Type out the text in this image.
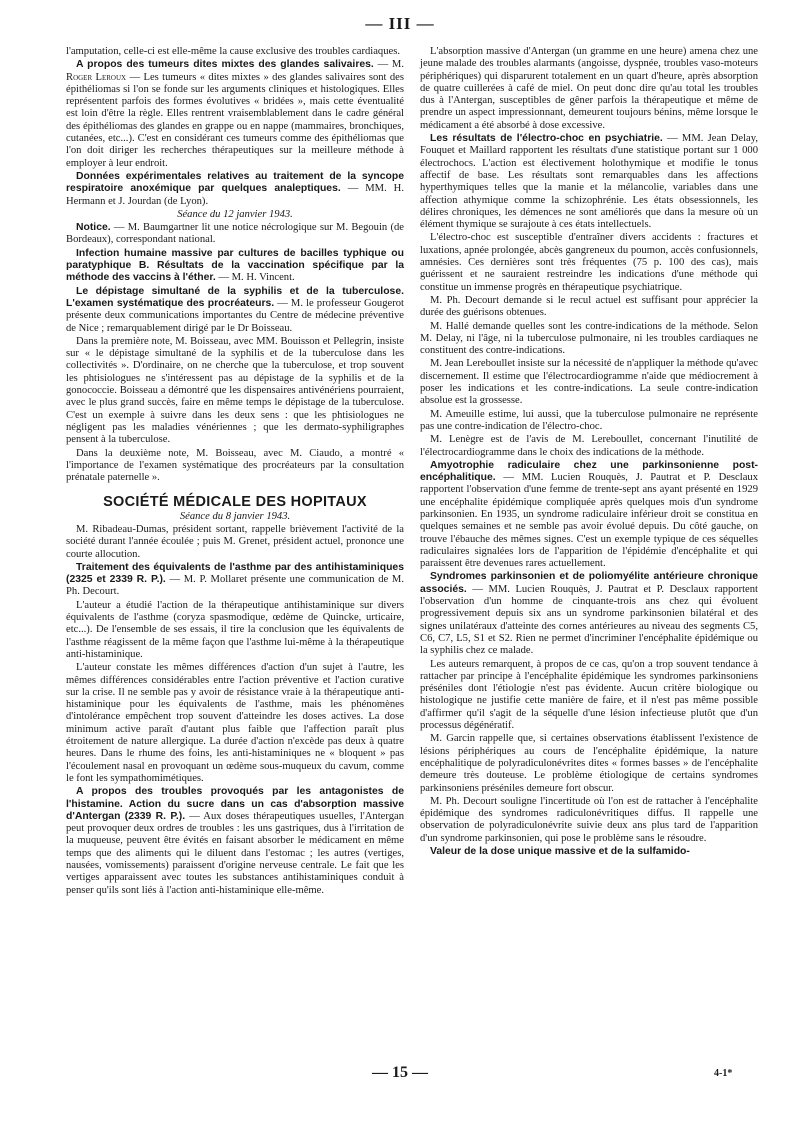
— III —

l'amputation, celle-ci est elle-même la cause exclusive des troubles cardiaques.

A propos des tumeurs dites mixtes des glandes salivaires. — M. Roger Leroux — Les tumeurs « dites mixtes » des glandes salivaires sont des épithéliomas si l'on se fonde sur les arguments cliniques et histologiques. Elles représentent parfois des formes évolutives « bridées », mais cette éventualité est loin d'être la règle. Elles rentrent vraisemblablement dans le cadre général des épithéliomas des glandes en grappe ou en nappe (mammaires, bronchiques, cutanées, etc...). C'est en considérant ces tumeurs comme des épithéliomas que l'on doit diriger les recherches thérapeutiques sur la meilleure méthode à employer à leur endroit.

Données expérimentales relatives au traitement de la syncope respiratoire anoxémique par quelques analeptiques. — MM. H. Hermann et J. Jourdan (de Lyon).

Séance du 12 janvier 1943.

Notice. — M. Baumgartner lit une notice nécrologique sur M. Begouin (de Bordeaux), correspondant national.

Infection humaine massive par cultures de bacilles typhique ou paratyphique B. Résultats de la vaccination spécifique par la méthode des vaccins à l'éther. — M. H. Vincent.

Le dépistage simultané de la syphilis et de la tuberculose. L'examen systématique des procréateurs. — M. le professeur Gougerot présente deux communications importantes du Centre de médecine préventive de Nice ; remarquablement dirigé par le Dr Boisseau.

Dans la première note, M. Boisseau, avec MM. Bouisson et Pellegrin, insiste sur « le dépistage simultané de la syphilis et de la tuberculose dans les collectivités ». D'ordinaire, on ne cherche que la tuberculose, et trop souvent les phtisiologues ne s'intéressent pas au dépistage de la syphilis et de la gonococcie. Boisseau a démontré que les dispensaires antivénériens pourraient, avec le plus grand succès, faire en même temps le dépistage de la tuberculose. C'est un exemple à suivre dans les deux sens : que les phtisiologues ne négligent pas les maladies vénériennes ; que les dermato-syphiligraphes pensent à la tuberculose.

Dans la deuxième note, M. Boisseau, avec M. Ciaudo, a montré « l'importance de l'examen systématique des procréateurs par la consultation prénatale paternelle ».

SOCIÉTÉ MÉDICALE DES HOPITAUX

Séance du 8 janvier 1943.

M. Ribadeau-Dumas, président sortant, rappelle brièvement l'activité de la société durant l'année écoulée ; puis M. Grenet, président actuel, prononce une courte allocution.

Traitement des équivalents de l'asthme par des antihistaminiques (2325 et 2339 R. P.). — M. P. Mollaret présente une communication de M. Ph. Decourt.

L'auteur a étudié l'action de la thérapeutique antihistaminique sur divers équivalents de l'asthme (coryza spasmodique, œdème de Quincke, urticaire, etc...). De l'ensemble de ses essais, il tire la conclusion que les équivalents de l'asthme réagissent de la même façon que l'asthme lui-même à la thérapeutique anti-histaminique.

L'auteur constate les mêmes différences d'action d'un sujet à l'autre, les mêmes différences considérables entre l'action préventive et l'action curative sur la crise. Il ne semble pas y avoir de résistance vraie à la thérapeutique anti-histaminique pour les équivalents de l'asthme, mais les phénomènes d'intolérance empêchent trop souvent d'atteindre les doses actives. La dose minimum active paraît d'autant plus faible que l'affection paraît plus étroitement de nature allergique. La durée d'action n'excède pas deux à quatre heures. Dans le rhume des foins, les anti-histaminiques ne « bloquent » pas l'écoulement nasal en provoquant un œdème sous-muqueux du cavum, comme le font les sympathomimétiques.

A propos des troubles provoqués par les antagonistes de l'histamine. Action du sucre dans un cas d'absorption massive d'Antergan (2339 R. P.). — Aux doses thérapeutiques usuelles, l'Antergan peut provoquer deux ordres de troubles : les uns gastriques, dus à l'irritation de la muqueuse, peuvent être évités en faisant absorber le médicament en même temps que des aliments qui le diluent dans l'estomac ; les autres (vertiges, nausées, vomissements) paraissent d'origine nerveuse centrale. Le fait que les vertiges apparaissent avec toutes les substances antihistaminiques conduit à penser qu'ils sont liés à l'action anti-histaminique elle-même.

L'absorption massive d'Antergan (un gramme en une heure) amena chez une jeune malade des troubles alarmants (angoisse, dyspnée, troubles vaso-moteurs périphériques) qui disparurent totalement en un quart d'heure, après absorption de quatre cuillerées à café de miel. On peut donc dire qu'au total les troubles dus à l'Antergan, susceptibles de gêner parfois la thérapeutique et même de prendre un aspect impressionnant, demeurent toujours bénins, même lorsque le médicament a été absorbé à dose excessive.

Les résultats de l'électro-choc en psychiatrie. — MM. Jean Delay, Fouquet et Maillard rapportent les résultats d'une statistique portant sur 1 000 électrochocs. L'action est électivement holothymique et modifie le tonus affectif de base. Les résultats sont remarquables dans les affections hyperthymiques telles que la manie et la mélancolie, variables dans une affection athymique comme la schizophrénie. Les états obsessionnels, les délires chroniques, les démences ne sont améliorés que dans la mesure où un élément thymique se surajoute à ces états intellectuels.

L'électro-choc est susceptible d'entraîner divers accidents : fractures et luxations, apnée prolongée, abcès gangreneux du poumon, accès confusionnels, amnésies. Ces dernières sont très fréquentes (75 p. 100 des cas), mais guérissent et ne sauraient restreindre les indications d'une méthode qui constitue un immense progrès en thérapeutique psychiatrique.

M. Ph. Decourt demande si le recul actuel est suffisant pour apprécier la durée des guérisons obtenues.

M. Hallé demande quelles sont les contre-indications de la méthode. Selon M. Delay, ni l'âge, ni la tuberculose pulmonaire, ni les troubles cardiaques ne constituent des contre-indications.

M. Jean Lereboullet insiste sur la nécessité de n'appliquer la méthode qu'avec discernement. Il estime que l'électrocardiogramme n'aide que médiocrement à poser les indications et les contre-indications. La seule contre-indication absolue est la grossesse.

M. Ameuille estime, lui aussi, que la tuberculose pulmonaire ne représente pas une contre-indication de l'électro-choc.

M. Lenègre est de l'avis de M. Lereboullet, concernant l'inutilité de l'électrocardiogramme dans le choix des indications de la méthode.

Amyotrophie radiculaire chez une parkinsonienne post-encéphalitique. — MM. Lucien Rouquès, J. Pautrat et P. Desclaux rapportent l'observation d'une femme de trente-sept ans ayant présenté en 1929 une encéphalite épidémique compliquée après quelques mois d'un syndrome parkinsonien. En 1935, un syndrome radiculaire inférieur droit se constitua en quelques semaines et ne semble pas avoir évolué depuis. Du côté gauche, on trouve l'ébauche des mêmes signes. C'est un exemple typique de ces séquelles radiculaires signalées lors de l'apparition de l'épidémie d'encéphalite et qui paraissent être devenues rares actuellement.

Syndromes parkinsonien et de poliomyélite antérieure chronique associés. — MM. Lucien Rouquès, J. Pautrat et P. Desclaux rapportent l'observation d'un homme de cinquante-trois ans chez qui évoluent progressivement depuis six ans un syndrome parkinsonien bilatéral et des signes unilatéraux d'atteinte des cornes antérieures au niveau des segments C5, C6, C7, L5, S1 et S2. Rien ne permet d'incriminer l'encéphalite épidémique ou la syphilis chez ce malade.

Les auteurs remarquent, à propos de ce cas, qu'on a trop souvent tendance à rattacher par principe à l'encéphalite épidémique les syndromes parkinsoniens préséniles dont l'étiologie n'est pas évidente. Aucun critère biologique ou histologique ne justifie cette manière de faire, et il n'est pas même possible d'affirmer qu'il s'agit de la séquelle d'une lésion infectieuse plutôt que d'un processus dégénératif.

M. Garcin rappelle que, si certaines observations établissent l'existence de lésions périphériques au cours de l'encéphalite épidémique, la nature encéphalitique de polyradiculonévrites dites « formes basses » de l'encéphalite demeure très douteuse. Le problème étiologique de certains syndromes parkinsoniens préséniles demeure fort obscur.

M. Ph. Decourt souligne l'incertitude où l'on est de rattacher à l'encéphalite épidémique des syndromes radiculonévritiques diffus. Il rappelle une observation de polyradiculonévrite suivie deux ans plus tard de l'apparition d'un syndrome parkinsonien, qui pose le problème sans le résoudre.

Valeur de la dose unique massive et de la sulfamido-

— 15 —	4-1*
